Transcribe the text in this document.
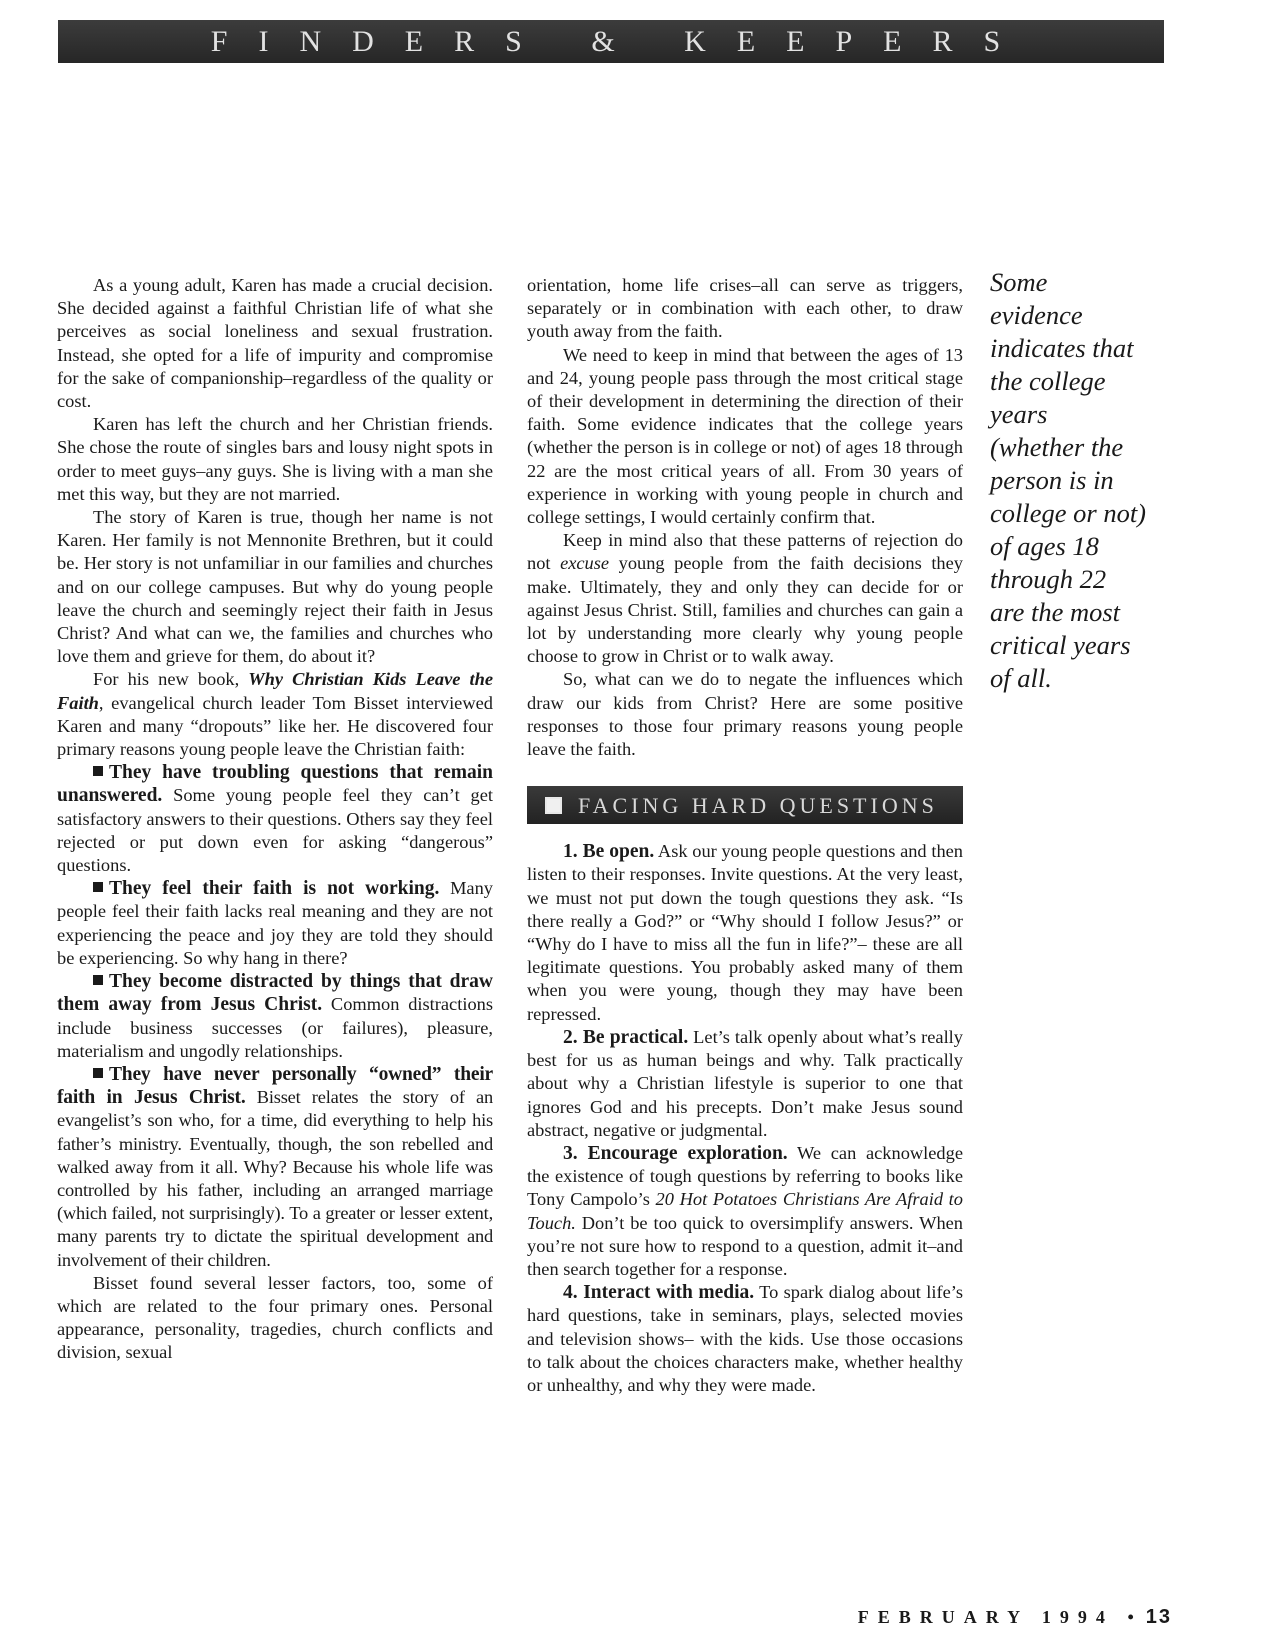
FINDERS & KEEPERS

As a young adult, Karen has made a crucial decision. She decided against a faithful Christian life of what she perceives as social loneliness and sexual frustration. Instead, she opted for a life of impurity and compromise for the sake of companionship–regardless of the quality or cost.

Karen has left the church and her Christian friends. She chose the route of singles bars and lousy night spots in order to meet guys–any guys. She is living with a man she met this way, but they are not married.

The story of Karen is true, though her name is not Karen. Her family is not Mennonite Brethren, but it could be. Her story is not unfamiliar in our families and churches and on our college campuses. But why do young people leave the church and seemingly reject their faith in Jesus Christ? And what can we, the families and churches who love them and grieve for them, do about it?

For his new book, Why Christian Kids Leave the Faith, evangelical church leader Tom Bisset interviewed Karen and many “dropouts” like her. He discovered four primary reasons young people leave the Christian faith:

They have troubling questions that remain unanswered. Some young people feel they can’t get satisfactory answers to their questions. Others say they feel rejected or put down even for asking “dangerous” questions.

They feel their faith is not working. Many people feel their faith lacks real meaning and they are not experiencing the peace and joy they are told they should be experiencing. So why hang in there?

They become distracted by things that draw them away from Jesus Christ. Common distractions include business successes (or failures), pleasure, materialism and ungodly relationships.

They have never personally “owned” their faith in Jesus Christ. Bisset relates the story of an evangelist’s son who, for a time, did everything to help his father’s ministry. Eventually, though, the son rebelled and walked away from it all. Why? Because his whole life was controlled by his father, including an arranged marriage (which failed, not surprisingly). To a greater or lesser extent, many parents try to dictate the spiritual development and involvement of their children.

Bisset found several lesser factors, too, some of which are related to the four primary ones. Personal appearance, personality, tragedies, church conflicts and division, sexual

orientation, home life crises–all can serve as triggers, separately or in combination with each other, to draw youth away from the faith.

We need to keep in mind that between the ages of 13 and 24, young people pass through the most critical stage of their development in determining the direction of their faith. Some evidence indicates that the college years (whether the person is in college or not) of ages 18 through 22 are the most critical years of all. From 30 years of experience in working with young people in church and college settings, I would certainly confirm that.

Keep in mind also that these patterns of rejection do not excuse young people from the faith decisions they make. Ultimately, they and only they can decide for or against Jesus Christ. Still, families and churches can gain a lot by understanding more clearly why young people choose to grow in Christ or to walk away.

So, what can we do to negate the influences which draw our kids from Christ? Here are some positive responses to those four primary reasons young people leave the faith.

FACING HARD QUESTIONS

1. Be open. Ask our young people questions and then listen to their responses. Invite questions. At the very least, we must not put down the tough questions they ask. “Is there really a God?” or “Why should I follow Jesus?” or “Why do I have to miss all the fun in life?”– these are all legitimate questions. You probably asked many of them when you were young, though they may have been repressed.

2. Be practical. Let’s talk openly about what’s really best for us as human beings and why. Talk practically about why a Christian lifestyle is superior to one that ignores God and his precepts. Don’t make Jesus sound abstract, negative or judgmental.

3. Encourage exploration. We can acknowledge the existence of tough questions by referring to books like Tony Campolo’s 20 Hot Potatoes Christians Are Afraid to Touch. Don’t be too quick to oversimplify answers. When you’re not sure how to respond to a question, admit it–and then search together for a response.

4. Interact with media. To spark dialog about life’s hard questions, take in seminars, plays, selected movies and television shows– with the kids. Use those occasions to talk about the choices characters make, whether healthy or unhealthy, and why they were made.

Some
evidence
indicates that
the college
years
(whether the
person is in
college or not)
of ages 18
through 22
are the most
critical years
of all.

FEBRUARY 1994 •13
